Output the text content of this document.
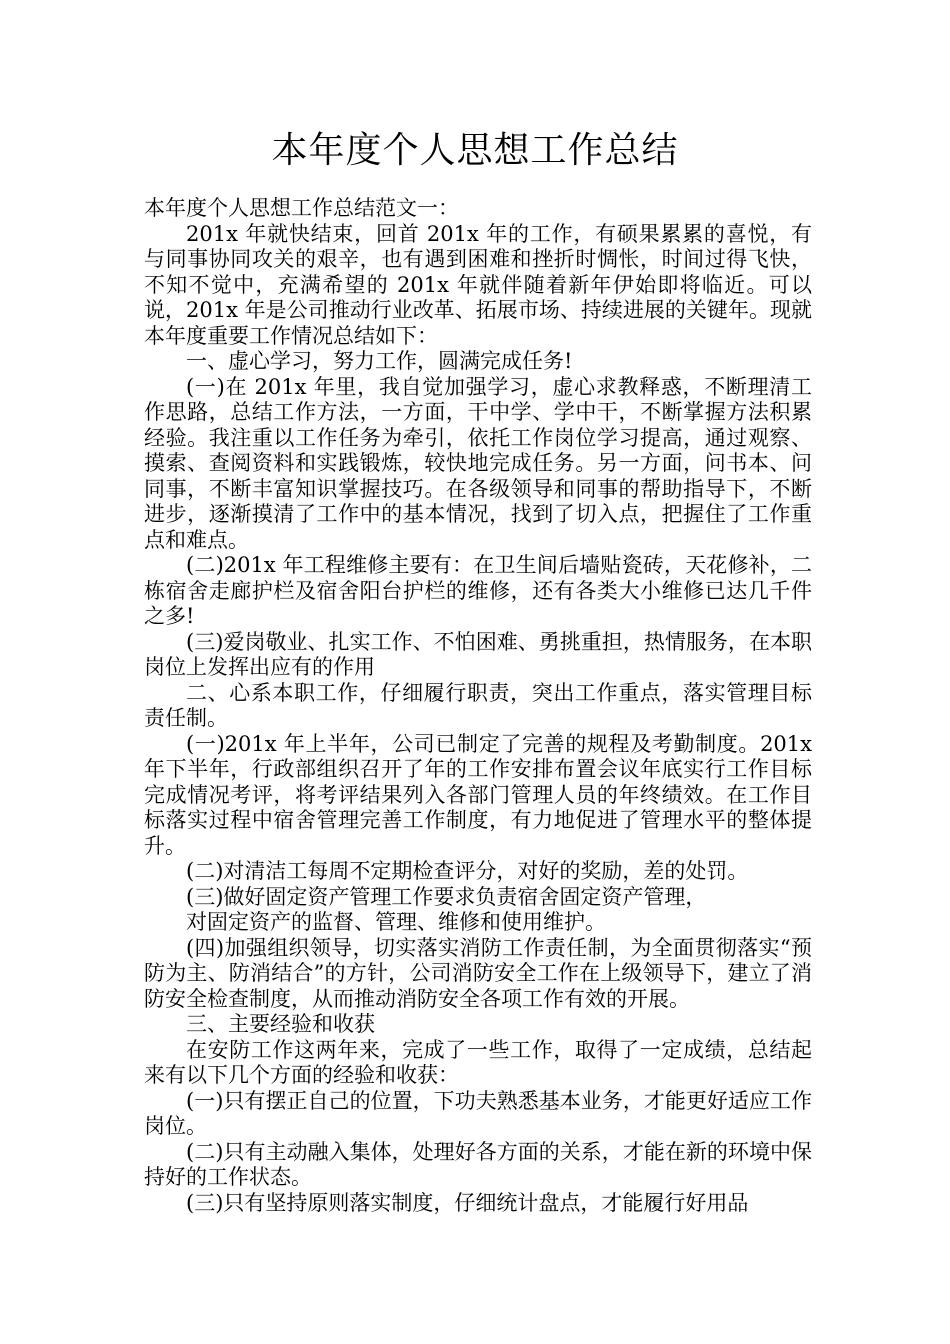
本年度个人思想工作总结

本年度个人思想工作总结范文一：

201x 年就快结束，回首 201x 年的工作，有硕果累累的喜悦，有与同事协同攻关的艰辛，也有遇到困难和挫折时惆怅，时间过得飞快，不知不觉中，充满希望的 201x 年就伴随着新年伊始即将临近。可以说，201x 年是公司推动行业改革、拓展市场、持续进展的关键年。现就本年度重要工作情况总结如下：

一、虚心学习，努力工作，圆满完成任务!

(一)在 201x 年里，我自觉加强学习，虚心求教释惑，不断理清工作思路，总结工作方法，一方面，干中学、学中干，不断掌握方法积累经验。我注重以工作任务为牵引，依托工作岗位学习提高，通过观察、摸索、查阅资料和实践锻炼，较快地完成任务。另一方面，问书本、问同事，不断丰富知识掌握技巧。在各级领导和同事的帮助指导下，不断进步，逐渐摸清了工作中的基本情况，找到了切入点，把握住了工作重点和难点。

(二)201x 年工程维修主要有：在卫生间后墙贴瓷砖，天花修补，二栋宿舍走廊护栏及宿舍阳台护栏的维修，还有各类大小维修已达几千件之多!

(三)爱岗敬业、扎实工作、不怕困难、勇挑重担，热情服务，在本职岗位上发挥出应有的作用

二、心系本职工作，仔细履行职责，突出工作重点，落实管理目标责任制。

(一)201x 年上半年，公司已制定了完善的规程及考勤制度。201x 年下半年，行政部组织召开了年的工作安排布置会议年底实行工作目标完成情况考评，将考评结果列入各部门管理人员的年终绩效。在工作目标落实过程中宿舍管理完善工作制度，有力地促进了管理水平的整体提升。

(二)对清洁工每周不定期检查评分，对好的奖励，差的处罚。

(三)做好固定资产管理工作要求负责宿舍固定资产管理，

对固定资产的监督、管理、维修和使用维护。

(四)加强组织领导，切实落实消防工作责任制，为全面贯彻落实“预防为主、防消结合”的方针，公司消防安全工作在上级领导下，建立了消防安全检查制度，从而推动消防安全各项工作有效的开展。

三、主要经验和收获

在安防工作这两年来，完成了一些工作，取得了一定成绩，总结起来有以下几个方面的经验和收获：

(一)只有摆正自己的位置，下功夫熟悉基本业务，才能更好适应工作岗位。

(二)只有主动融入集体，处理好各方面的关系，才能在新的环境中保持好的工作状态。

(三)只有坚持原则落实制度，仔细统计盘点，才能履行好用品
